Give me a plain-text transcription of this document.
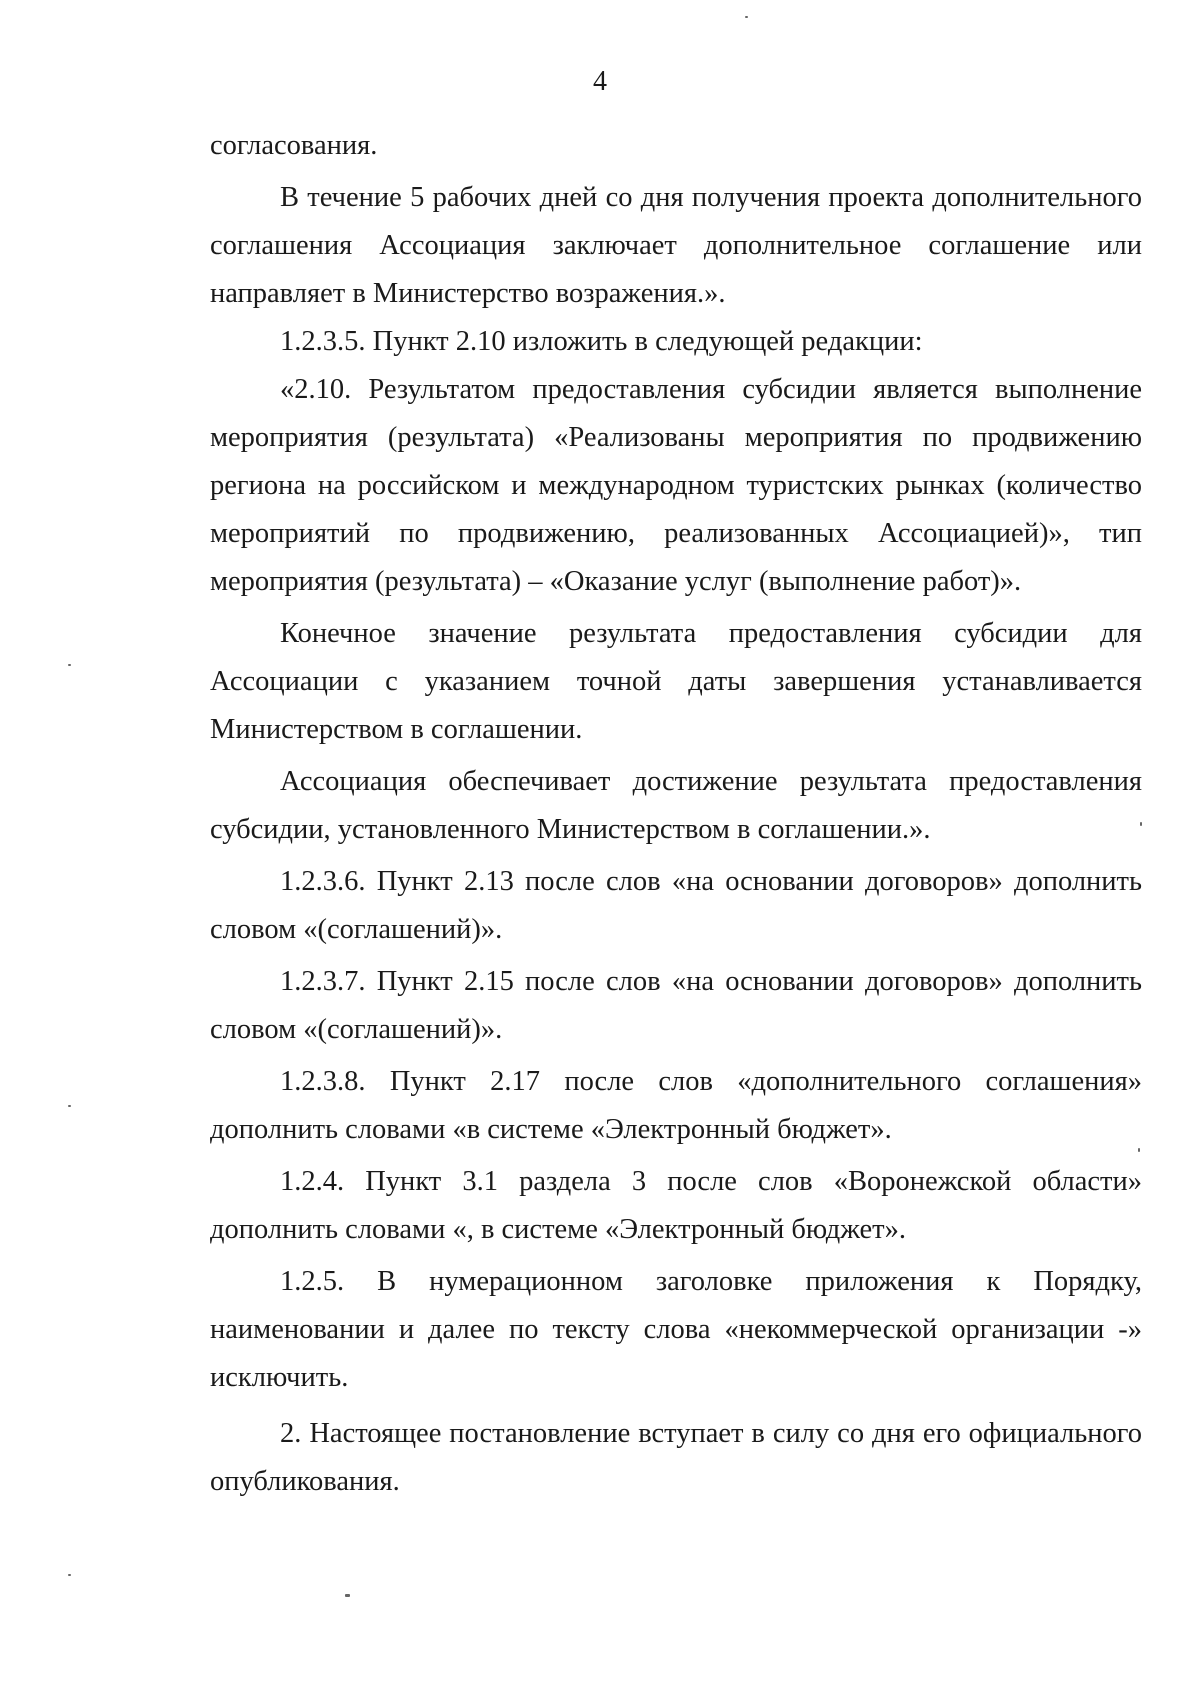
4

согласования.

В течение 5 рабочих дней со дня получения проекта дополнительного соглашения Ассоциация заключает дополнительное соглашение или направляет в Министерство возражения.».

1.2.3.5. Пункт 2.10 изложить в следующей редакции:

«2.10. Результатом предоставления субсидии является выполнение мероприятия (результата) «Реализованы мероприятия по продвижению региона на российском и международном туристских рынках (количество мероприятий по продвижению, реализованных Ассоциацией)», тип мероприятия (результата) – «Оказание услуг (выполнение работ)».

Конечное значение результата предоставления субсидии для Ассоциации с указанием точной даты завершения устанавливается Министерством в соглашении.

Ассоциация обеспечивает достижение результата предоставления субсидии, установленного Министерством в соглашении.».

1.2.3.6. Пункт 2.13 после слов «на основании договоров» дополнить словом «(соглашений)».

1.2.3.7. Пункт 2.15 после слов «на основании договоров» дополнить словом «(соглашений)».

1.2.3.8. Пункт 2.17 после слов «дополнительного соглашения» дополнить словами «в системе «Электронный бюджет».

1.2.4. Пункт 3.1 раздела 3 после слов «Воронежской области» дополнить словами «, в системе «Электронный бюджет».

1.2.5. В нумерационном заголовке приложения к Порядку, наименовании и далее по тексту слова «некоммерческой организации -» исключить.

2. Настоящее постановление вступает в силу со дня его официального опубликования.
